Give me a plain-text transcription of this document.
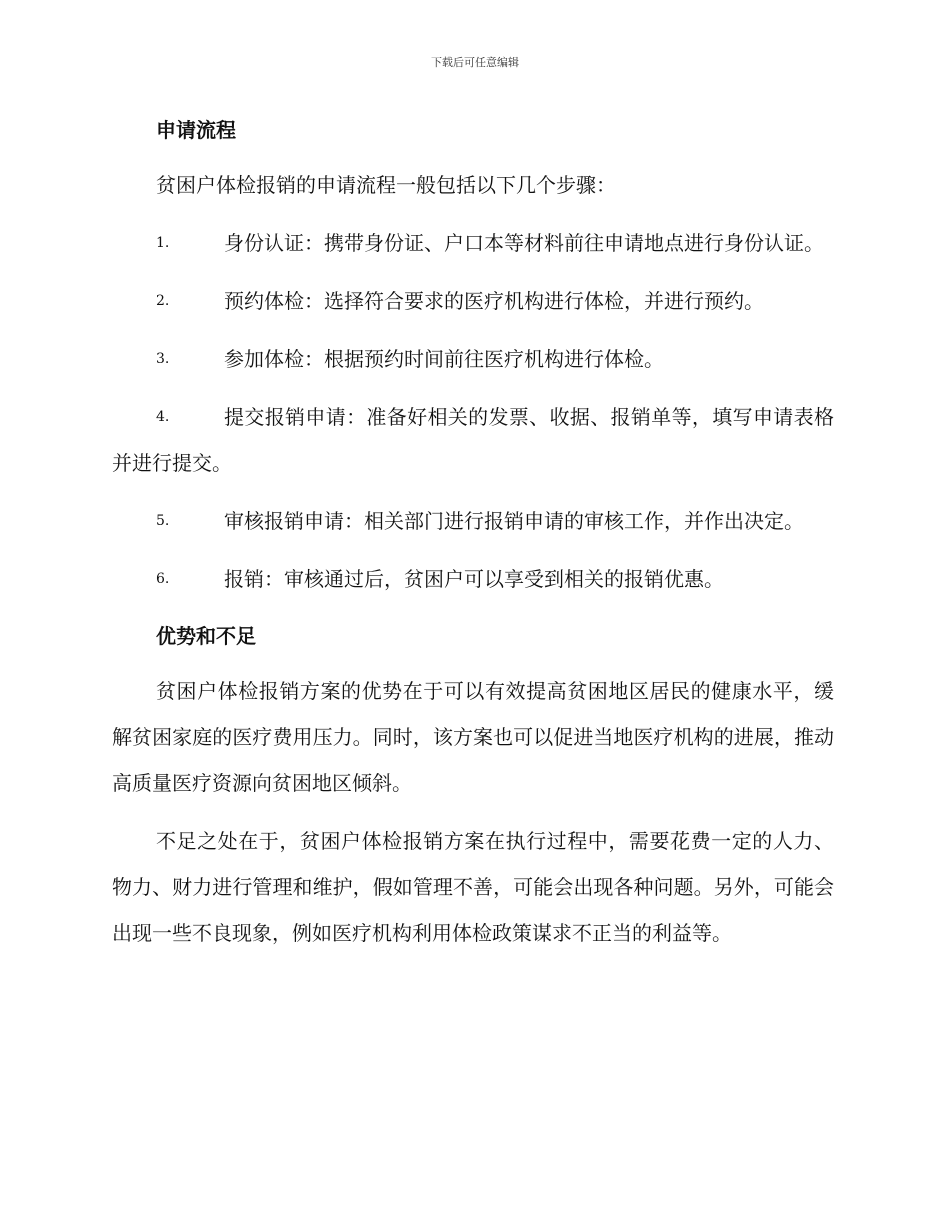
下载后可任意编辑
申请流程

贫困户体检报销的申请流程一般包括以下几个步骤：

1.	身份认证：携带身份证、户口本等材料前往申请地点进行身份认证。
2.	预约体检：选择符合要求的医疗机构进行体检，并进行预约。
3.	参加体检：根据预约时间前往医疗机构进行体检。
4.	提交报销申请：准备好相关的发票、收据、报销单等，填写申请表格并进行提交。
5.	审核报销申请：相关部门进行报销申请的审核工作，并作出决定。
6.	报销：审核通过后，贫困户可以享受到相关的报销优惠。
优势和不足

贫困户体检报销方案的优势在于可以有效提高贫困地区居民的健康水平，缓解贫困家庭的医疗费用压力。同时，该方案也可以促进当地医疗机构的进展，推动高质量医疗资源向贫困地区倾斜。

不足之处在于，贫困户体检报销方案在执行过程中，需要花费一定的人力、物力、财力进行管理和维护，假如管理不善，可能会出现各种问题。另外，可能会出现一些不良现象，例如医疗机构利用体检政策谋求不正当的利益等。
